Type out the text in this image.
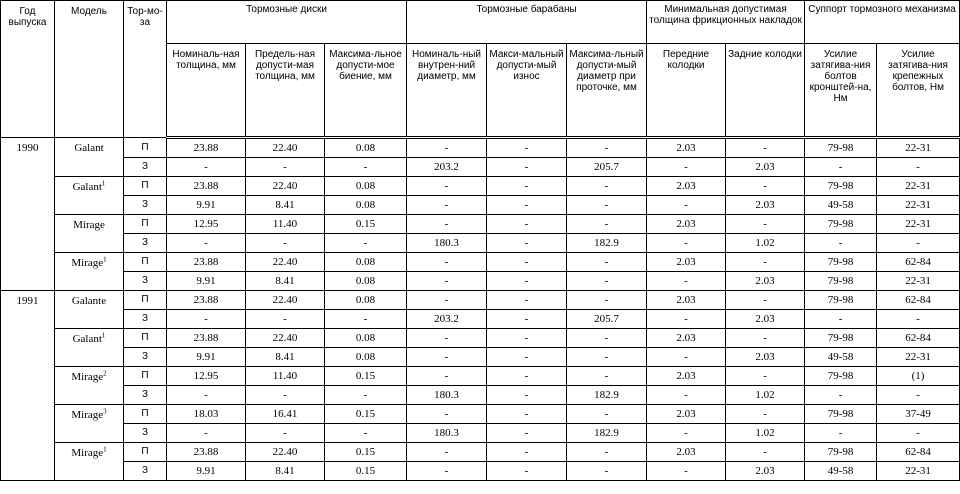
Год выпуска	Модель	Тор-мо-за	Тормозные диски			Тормозные барабаны			Минимальная допустимая толщина фрикционных накладок		Суппорт тормозного механизма	
			Номиналь-ная толщина, мм	Предель-ная допусти-мая толщина, мм	Максима-льное допусти-мое биение, мм	Номиналь-ный внутрен-ний диаметр, мм	Макси-мальный допусти-мый износ	Максима-льный допусти-мый диаметр при проточке, мм	Передние колодки	Задние колодки	Усилие затягива-ния болтов кронштей-на, Нм	Усилие затягива-ния крепежных болтов, Нм
1990	Galant	П	23.88	22.40	0.08	-	-	-	2.03	-	79-98	22-31
		З	-	-	-	203.2	-	205.7	-	2.03	-	-
	Galant$^1$	П	23.88	22.40	0.08	-	-	-	2.03	-	79-98	22-31
		З	9.91	8.41	0.08	-	-	-	-	2.03	49-58	22-31
	Mirage	П	12.95	11.40	0.15	-	-	-	2.03	-	79-98	22-31
		З	-	-	-	180.3	-	182.9	-	1.02	-	-
	Mirage$^1$	П	23.88	22.40	0.08	-	-	-	2.03	-	79-98	62-84
		З	9.91	8.41	0.08	-	-	-	-	2.03	79-98	22-31
1991	Galante	П	23.88	22.40	0.08	-	-	-	2.03	-	79-98	62-84
		З	-	-	-	203.2	-	205.7	-	2.03	-	-
	Galant$^1$	П	23.88	22.40	0.08	-	-	-	2.03	-	79-98	62-84
		З	9.91	8.41	0.08	-	-	-	-	2.03	49-58	22-31
	Mirage$^2$	П	12.95	11.40	0.15	-	-	-	2.03	-	79-98	(1)
		З	-	-	-	180.3	-	182.9	-	1.02	-	-
	Mirage$^3$	П	18.03	16.41	0.15	-	-	-	2.03	-	79-98	37-49
		З	-	-	-	180.3	-	182.9	-	1.02	-	-
	Mirage$^1$	П	23.88	22.40	0.15	-	-	-	2.03	-	79-98	62-84
		З	9.91	8.41	0.15	-	-	-	-	2.03	49-58	22-31
